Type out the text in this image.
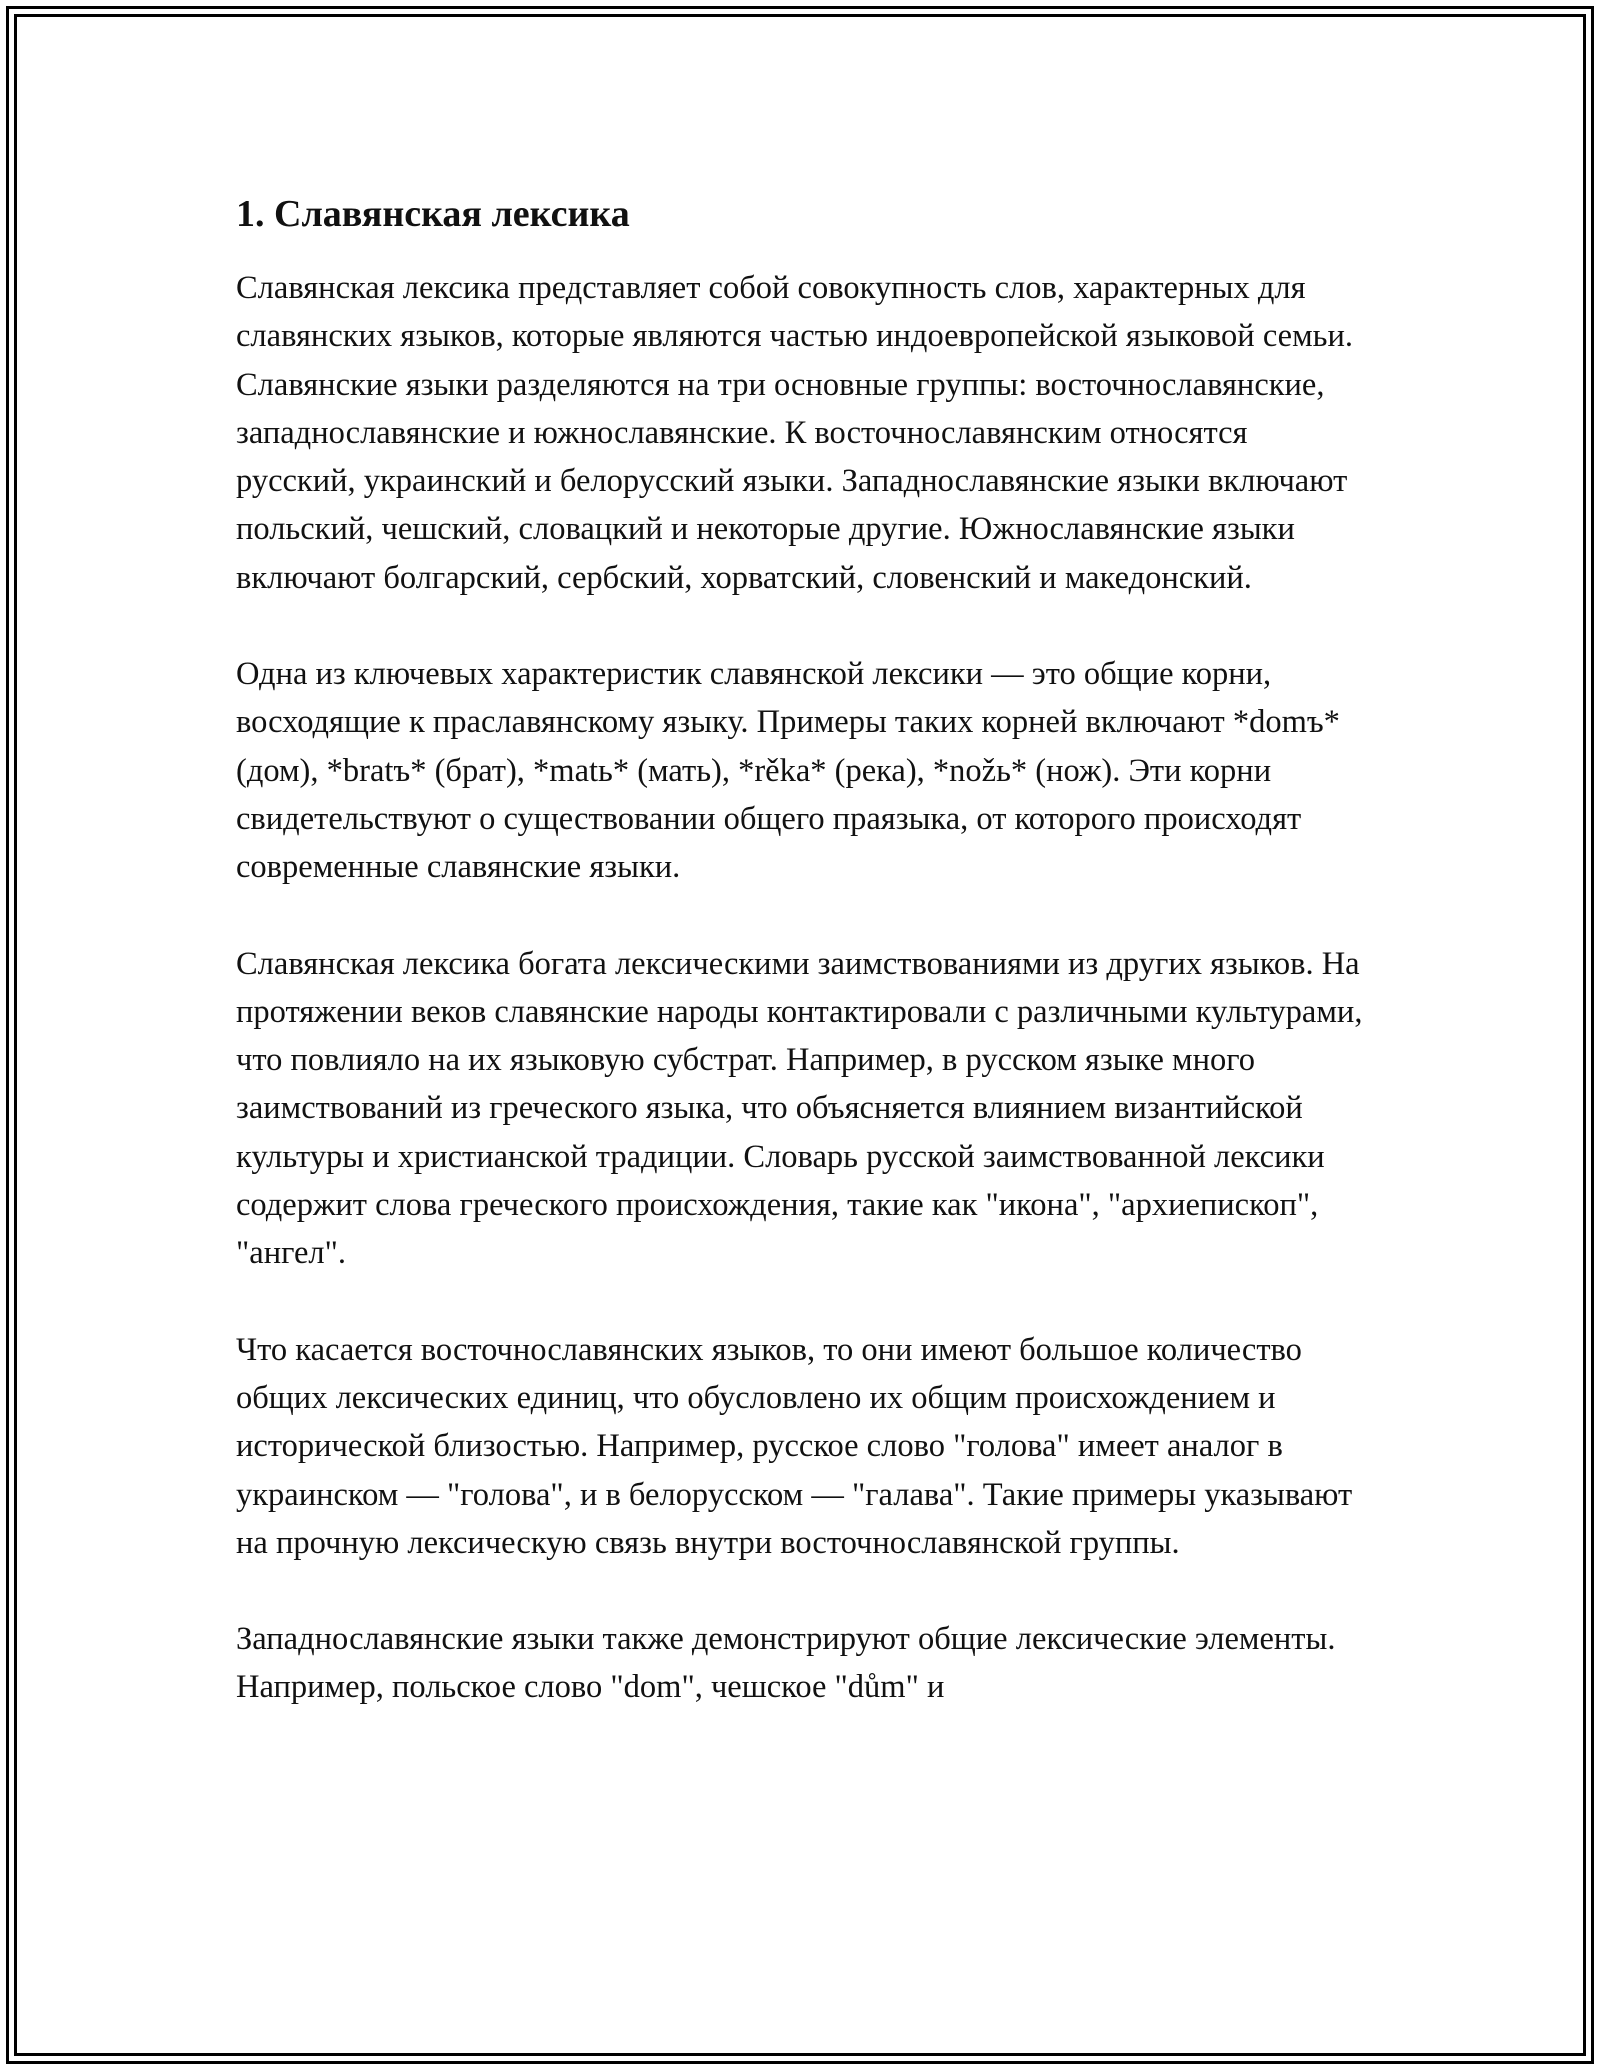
1. Славянская лексика

Славянская лексика представляет собой совокупность слов, характерных для славянских языков, которые являются частью индоевропейской языковой семьи. Славянские языки разделяются на три основные группы: восточнославянские, западнославянские и южнославянские. К восточнославянским относятся русский, украинский и белорусский языки. Западнославянские языки включают польский, чешский, словацкий и некоторые другие. Южнославянские языки включают болгарский, сербский, хорватский, словенский и македонский.

Одна из ключевых характеристик славянской лексики — это общие корни, восходящие к праславянскому языку. Примеры таких корней включают *domъ* (дом), *bratъ* (брат), *matь* (мать), *rěka* (река), *nožь* (нож). Эти корни свидетельствуют о существовании общего праязыка, от которого происходят современные славянские языки.

Славянская лексика богата лексическими заимствованиями из других языков. На протяжении веков славянские народы контактировали с различными культурами, что повлияло на их языковую субстрат. Например, в русском языке много заимствований из греческого языка, что объясняется влиянием византийской культуры и христианской традиции. Словарь русской заимствованной лексики содержит слова греческого происхождения, такие как "икона", "архиепископ", "ангел".

Что касается восточнославянских языков, то они имеют большое количество общих лексических единиц, что обусловлено их общим происхождением и исторической близостью. Например, русское слово "голова" имеет аналог в украинском — "голова", и в белорусском — "галава". Такие примеры указывают на прочную лексическую связь внутри восточнославянской группы.

Западнославянские языки также демонстрируют общие лексические элементы. Например, польское слово "dom", чешское "dům" и
